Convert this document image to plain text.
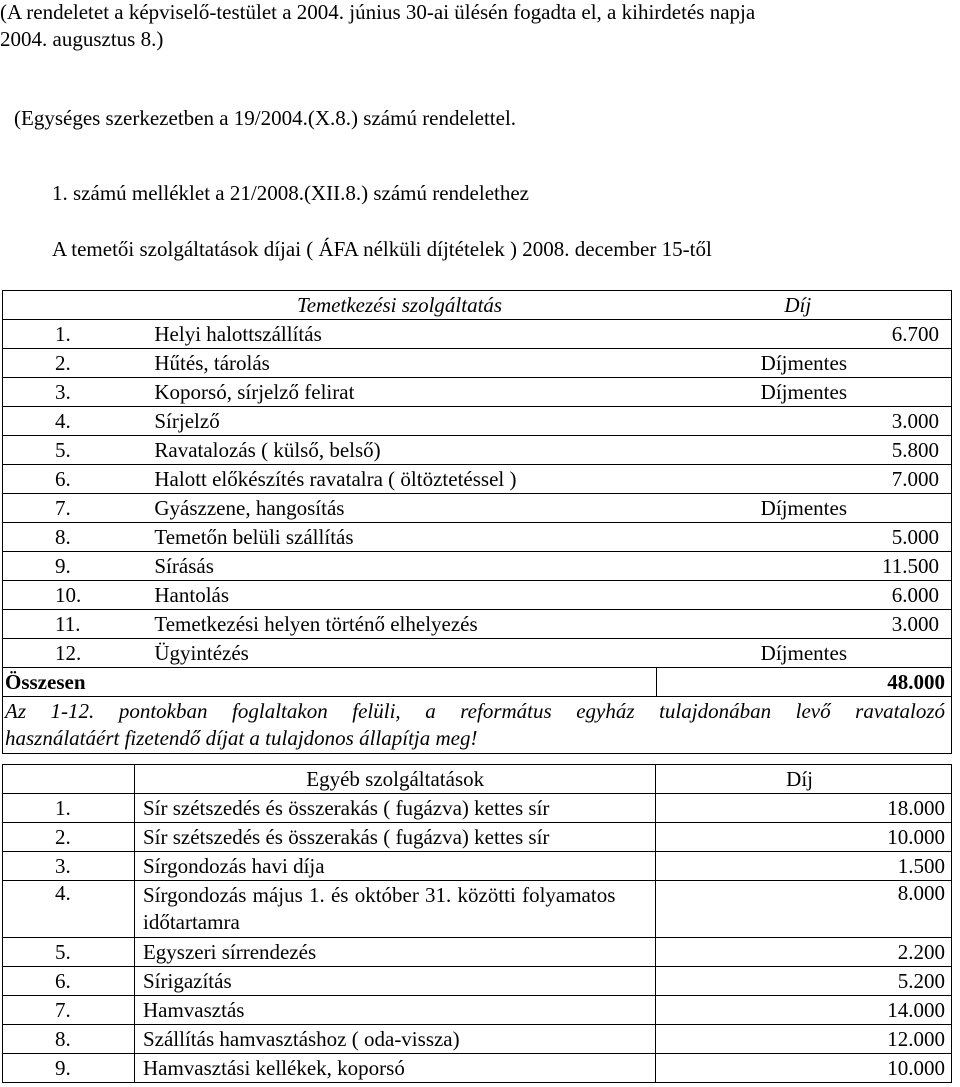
(A rendeletet a képviselő-testület a 2004. június 30-ai ülésén fogadta el, a kihirdetés napja
2004. augusztus 8.)
(Egységes szerkezetben a 19/2004.(X.8.) számú rendelettel.
1. számú melléklet a 21/2008.(XII.8.) számú rendelethez
A temetői szolgáltatások díjai ( ÁFA nélküli díjtételek ) 2008. december 15-től
	Temetkezési szolgáltatás	Díj
1.	Helyi halottszállítás	6.700
2.	Hűtés, tárolás	Díjmentes
3.	Koporsó, sírjelző felirat	Díjmentes
4.	Sírjelző	3.000
5.	Ravatalozás ( külső, belső)	5.800
6.	Halott előkészítés ravatalra ( öltöztetéssel )	7.000
7.	Gyászzene, hangosítás	Díjmentes
8.	Temetőn belüli szállítás	5.000
9.	Sírásás	11.500
10.	Hantolás	6.000
11.	Temetkezési helyen történő elhelyezés	3.000
12.	Ügyintézés	Díjmentes
Összesen		48.000

Az 1-12. pontokban foglaltakon felüli, a református egyház tulajdonában levő ravatalozó
használatáért fizetendő díjat a tulajdonos állapítja meg!		
	Egyéb szolgáltatások	Díj
1.	Sír szétszedés és összerakás ( fugázva) kettes sír	18.000
2.	Sír szétszedés és összerakás ( fugázva) kettes sír	10.000
3.	Sírgondozás havi díja	1.500
4.	Sírgondozás május 1. és október 31. közötti folyamatos időtartamra	8.000
5.	Egyszeri sírrendezés	2.200
6.	Sírigazítás	5.200
7.	Hamvasztás	14.000
8.	Szállítás hamvasztáshoz ( oda-vissza)	12.000
9.	Hamvasztási kellékek, koporsó	10.000
